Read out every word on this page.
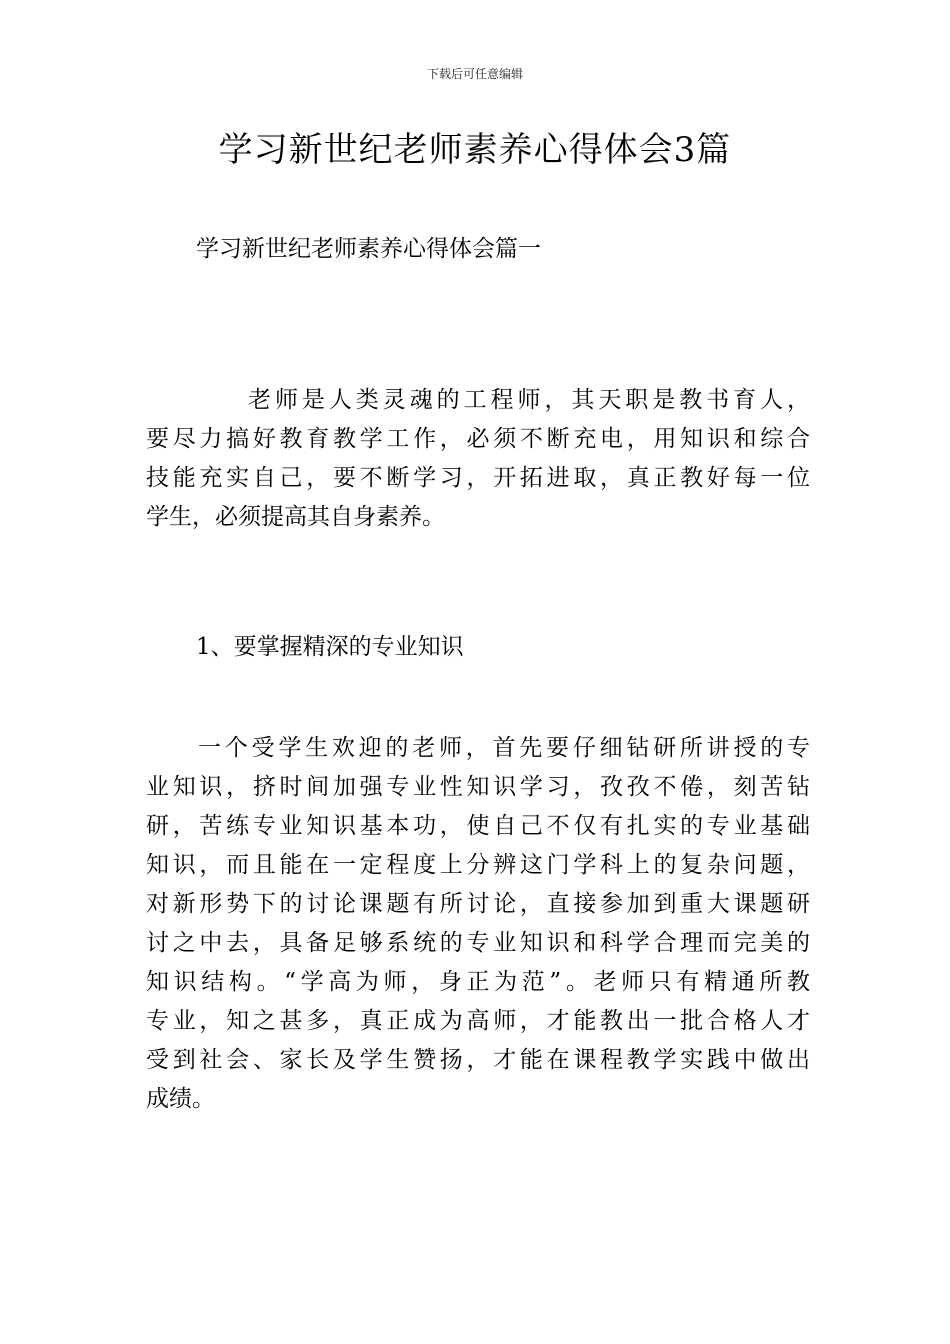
下载后可任意编辑
学习新世纪老师素养心得体会3篇
学习新世纪老师素养心得体会篇一
老师是人类灵魂的工程师，其天职是教书育人，
要尽力搞好教育教学工作，必须不断充电，用知识和综合
技能充实自己，要不断学习，开拓进取，真正教好每一位
学生，必须提高其自身素养。
1、要掌握精深的专业知识
一个受学生欢迎的老师，首先要仔细钻研所讲授的专
业知识，挤时间加强专业性知识学习，孜孜不倦，刻苦钻
研，苦练专业知识基本功，使自己不仅有扎实的专业基础
知识，而且能在一定程度上分辨这门学科上的复杂问题，
对新形势下的讨论课题有所讨论，直接参加到重大课题研
讨之中去，具备足够系统的专业知识和科学合理而完美的
知识结构。“学高为师，身正为范”。老师只有精通所教
专业，知之甚多，真正成为高师，才能教出一批合格人才
受到社会、家长及学生赞扬，才能在课程教学实践中做出
成绩。
